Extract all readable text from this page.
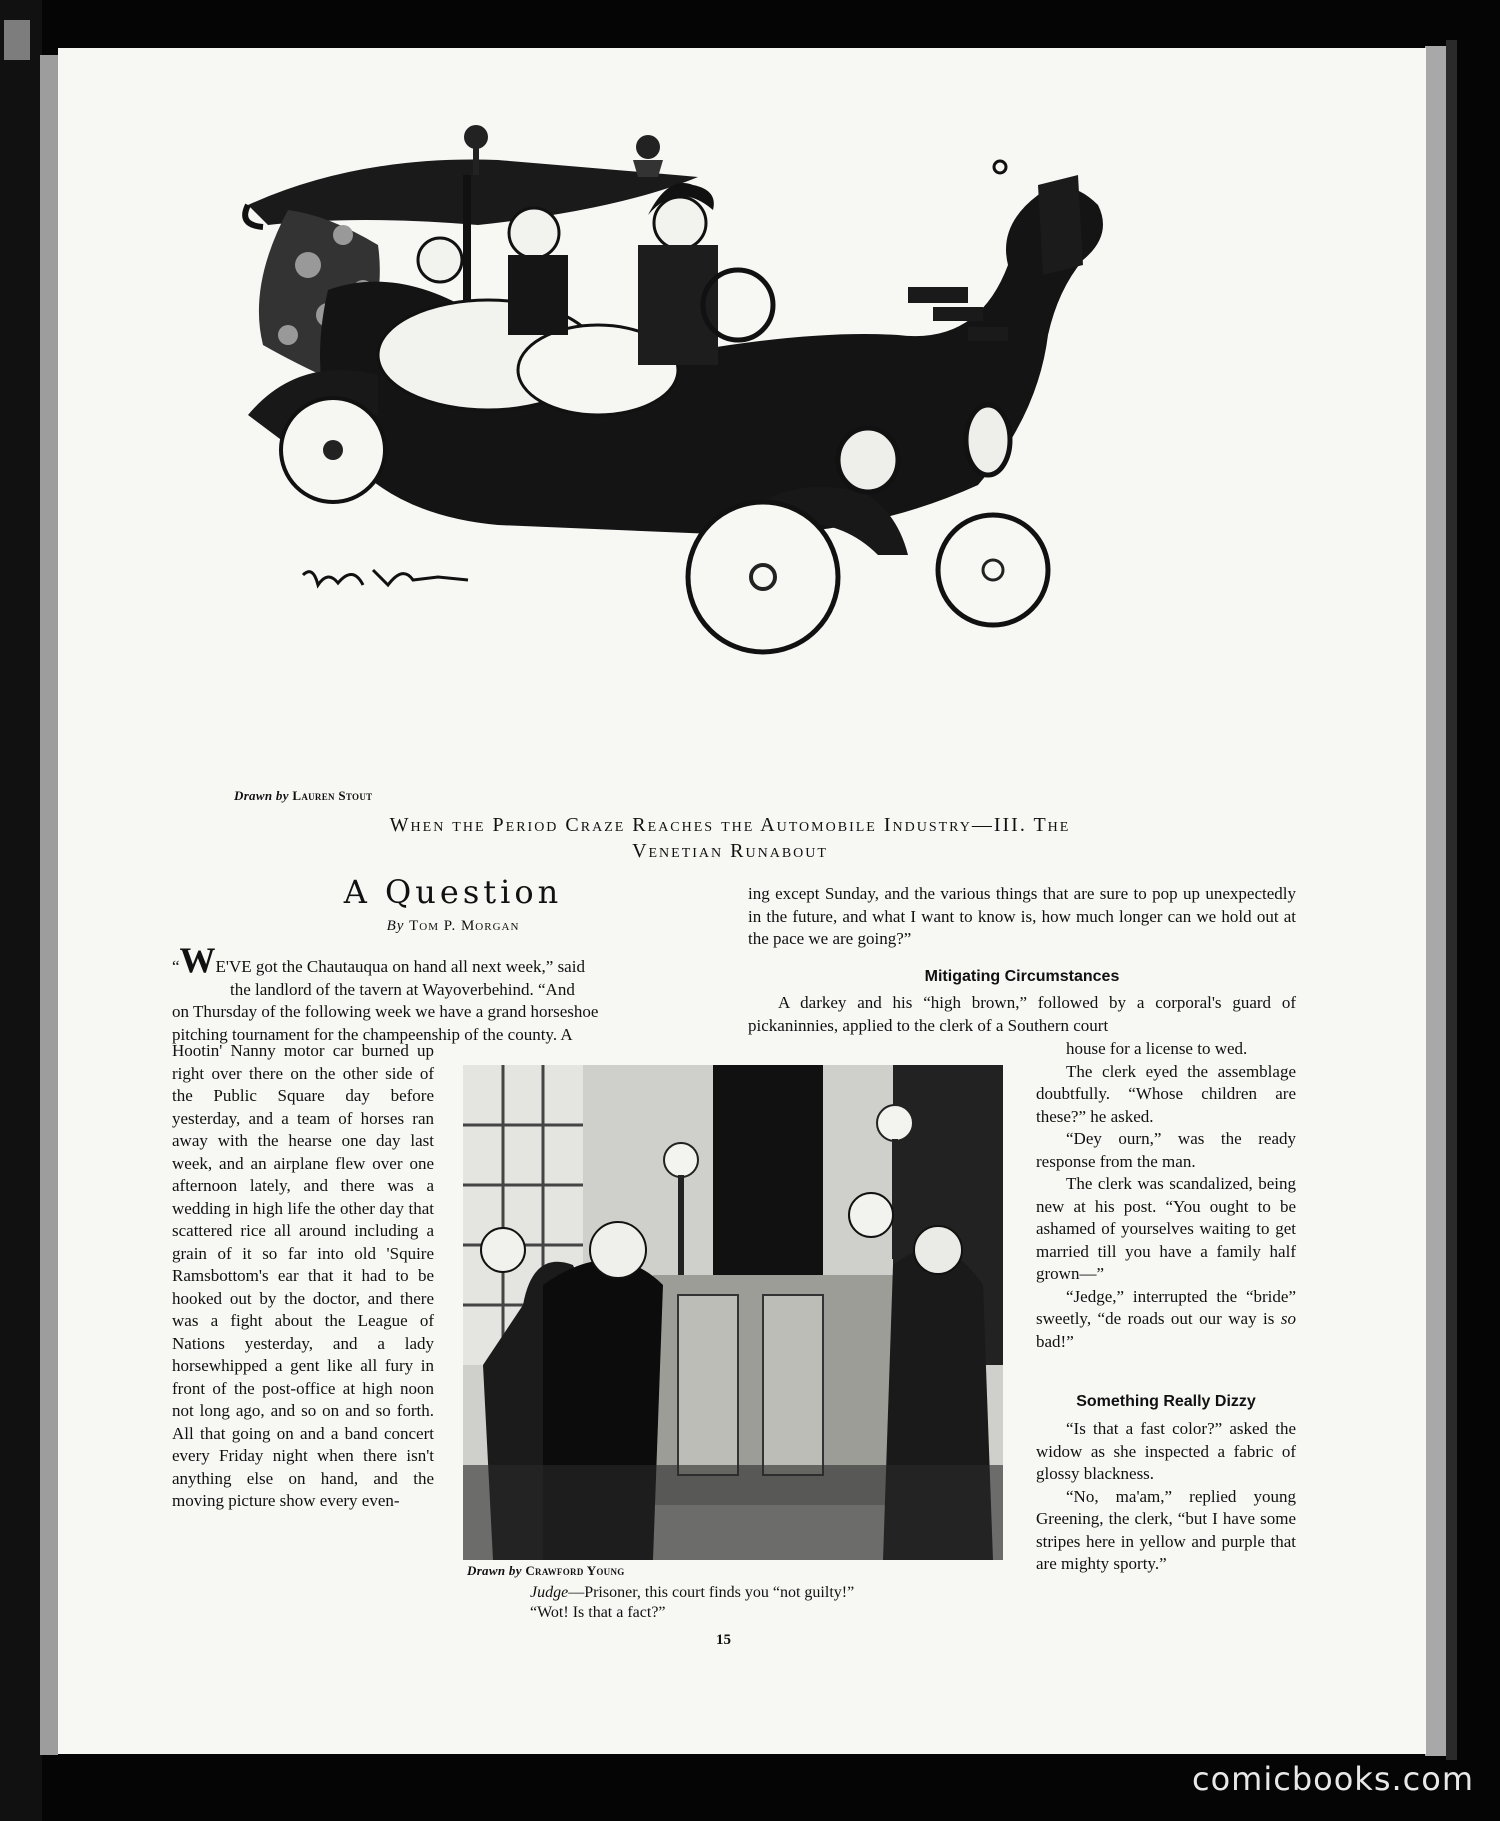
Drawn by Lauren Stout
When the Period Craze Reaches the Automobile Industry—III. The
Venetian Runabout
A Question
By Tom P. Morgan
“WE'VE got the Chautauqua on hand all next week,” said
the landlord of the tavern at Wayoverbehind. “And
on Thursday of the following week we have a grand horseshoe
pitching tournament for the champeenship of the county. A

Hootin' Nanny motor car burned up right over there on the other side of the Public Square day before yesterday, and a team of horses ran away with the hearse one day last week, and an airplane flew over one afternoon lately, and there was a wedding in high life the other day that scattered rice all around including a grain of it so far into old 'Squire Ramsbottom's ear that it had to be hooked out by the doctor, and there was a fight about the League of Nations yesterday, and a lady horsewhipped a gent like all fury in front of the post-office at high noon not long ago, and so on and so forth. All that going on and a band concert every Friday night when there isn't anything else on hand, and the moving picture show every even-

ing except Sunday, and the various things that are sure to pop up unexpectedly in the future, and what I want to know is, how much longer can we hold out at the pace we are going?”

Mitigating Circumstances

A darkey and his “high brown,” followed by a corporal's guard of pickaninnies, applied to the clerk of a Southern court

house for a license to wed.

The clerk eyed the assemblage doubtfully. “Whose children are these?” he asked.

“Dey ourn,” was the ready response from the man.

The clerk was scandalized, being new at his post. “You ought to be ashamed of yourselves waiting to get married till you have a family half grown—”

“Jedge,” interrupted the “bride” sweetly, “de roads out our way is so bad!”

Something Really Dizzy

“Is that a fast color?” asked the widow as she inspected a fabric of glossy blackness.

“No, ma'am,” replied young Greening, the clerk, “but I have some stripes here in yellow and purple that are mighty sporty.”

Drawn by Crawford Young
Judge—Prisoner, this court finds you “not guilty!”
“Wot! Is that a fact?”
15
comicbooks.com
